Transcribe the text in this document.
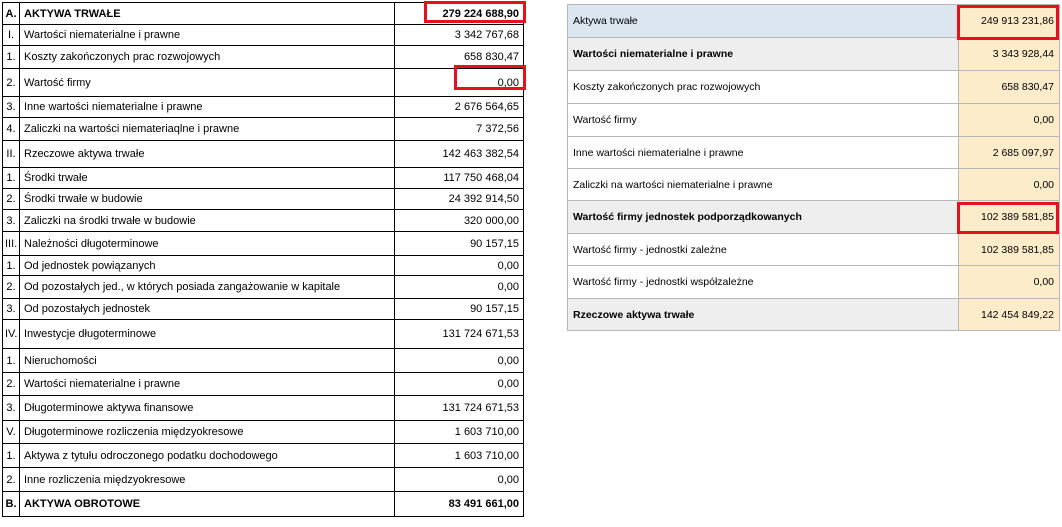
A.	AKTYWA TRWAŁE	279 224 688,90
I.	Wartości niematerialne i prawne	3 342 767,68
1.	Koszty zakończonych prac rozwojowych	658 830,47
2.	Wartość firmy	0,00
3.	Inne wartości niematerialne i prawne	2 676 564,65
4.	Zaliczki na wartości niemateriaqlne i prawne	7 372,56
II.	Rzeczowe aktywa trwałe	142 463 382,54
1.	Środki trwałe	117 750 468,04
2.	Środki trwałe w budowie	24 392 914,50
3.	Zaliczki na środki trwałe w budowie	320 000,00
III.	Należności długoterminowe	90 157,15
1.	Od jednostek powiązanych	0,00
2.	Od pozostałych jed., w których posiada zangażowanie w kapitale	0,00
3.	Od pozostałych jednostek	90 157,15
IV.	Inwestycje długoterminowe	131 724 671,53
1.	Nieruchomości	0,00
2.	Wartości niematerialne i prawne	0,00
3.	Długoterminowe aktywa finansowe	131 724 671,53
V.	Długoterminowe rozliczenia międzyokresowe	1 603 710,00
1.	Aktywa z tytułu odroczonego podatku dochodowego	1 603 710,00
2.	Inne rozliczenia międzyokresowe	0,00
B.	AKTYWA OBROTOWE	83 491 661,00
Aktywa trwałe	249 913 231,86
Wartości niematerialne i prawne	3 343 928,44
Koszty zakończonych prac rozwojowych	658 830,47
Wartość firmy	0,00
Inne wartości niematerialne i prawne	2 685 097,97
Zaliczki na wartości niematerialne i prawne	0,00
Wartość firmy jednostek podporządkowanych	102 389 581,85
Wartość firmy - jednostki zależne	102 389 581,85
Wartość firmy - jednostki współzależne	0,00
Rzeczowe aktywa trwałe	142 454 849,22
